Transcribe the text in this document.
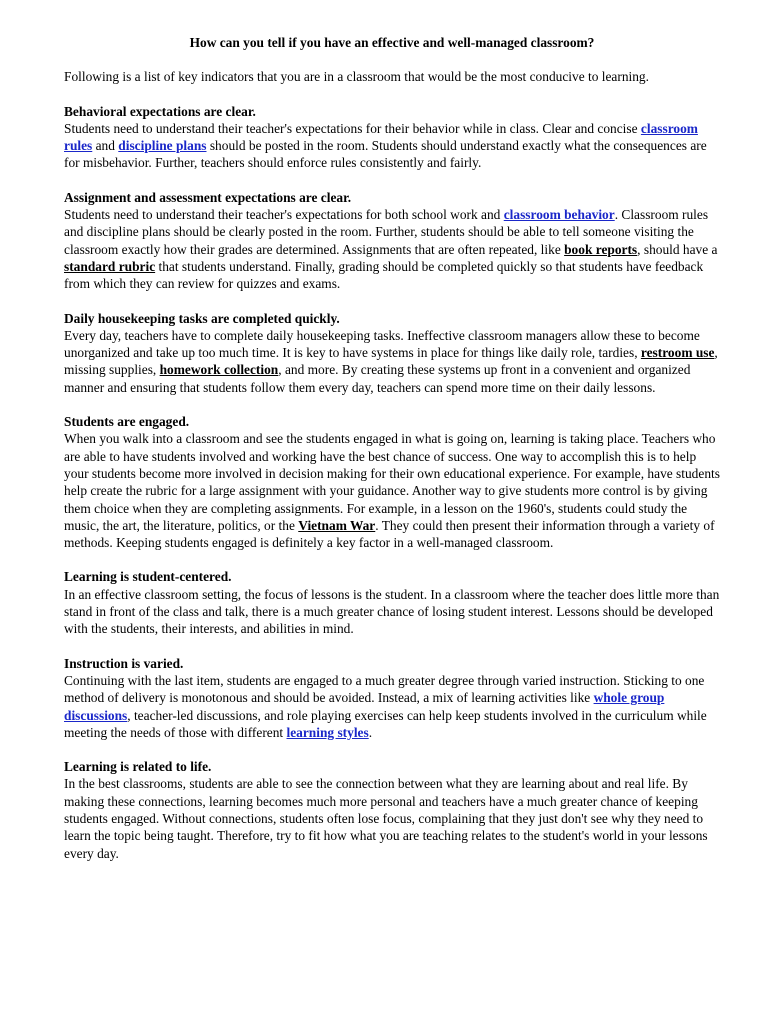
How can you tell if you have an effective and well-managed classroom?
Following is a list of key indicators that you are in a classroom that would be the most conducive to learning.
Behavioral expectations are clear.
Students need to understand their teacher's expectations for their behavior while in class. Clear and concise classroom rules and discipline plans should be posted in the room. Students should understand exactly what the consequences are for misbehavior. Further, teachers should enforce rules consistently and fairly.
Assignment and assessment expectations are clear.
Students need to understand their teacher's expectations for both school work and classroom behavior. Classroom rules and discipline plans should be clearly posted in the room. Further, students should be able to tell someone visiting the classroom exactly how their grades are determined. Assignments that are often repeated, like book reports, should have a standard rubric that students understand. Finally, grading should be completed quickly so that students have feedback from which they can review for quizzes and exams.
Daily housekeeping tasks are completed quickly.
Every day, teachers have to complete daily housekeeping tasks. Ineffective classroom managers allow these to become unorganized and take up too much time. It is key to have systems in place for things like daily role, tardies, restroom use, missing supplies, homework collection, and more. By creating these systems up front in a convenient and organized manner and ensuring that students follow them every day, teachers can spend more time on their daily lessons.
Students are engaged.
When you walk into a classroom and see the students engaged in what is going on, learning is taking place. Teachers who are able to have students involved and working have the best chance of success. One way to accomplish this is to help your students become more involved in decision making for their own educational experience. For example, have students help create the rubric for a large assignment with your guidance. Another way to give students more control is by giving them choice when they are completing assignments. For example, in a lesson on the 1960's, students could study the music, the art, the literature, politics, or the Vietnam War. They could then present their information through a variety of methods. Keeping students engaged is definitely a key factor in a well-managed classroom.
Learning is student-centered.
In an effective classroom setting, the focus of lessons is the student. In a classroom where the teacher does little more than stand in front of the class and talk, there is a much greater chance of losing student interest. Lessons should be developed with the students, their interests, and abilities in mind.
Instruction is varied.
Continuing with the last item, students are engaged to a much greater degree through varied instruction. Sticking to one method of delivery is monotonous and should be avoided. Instead, a mix of learning activities like whole group discussions, teacher-led discussions, and role playing exercises can help keep students involved in the curriculum while meeting the needs of those with different learning styles.
Learning is related to life.
In the best classrooms, students are able to see the connection between what they are learning about and real life. By making these connections, learning becomes much more personal and teachers have a much greater chance of keeping students engaged. Without connections, students often lose focus, complaining that they just don't see why they need to learn the topic being taught. Therefore, try to fit how what you are teaching relates to the student's world in your lessons every day.
